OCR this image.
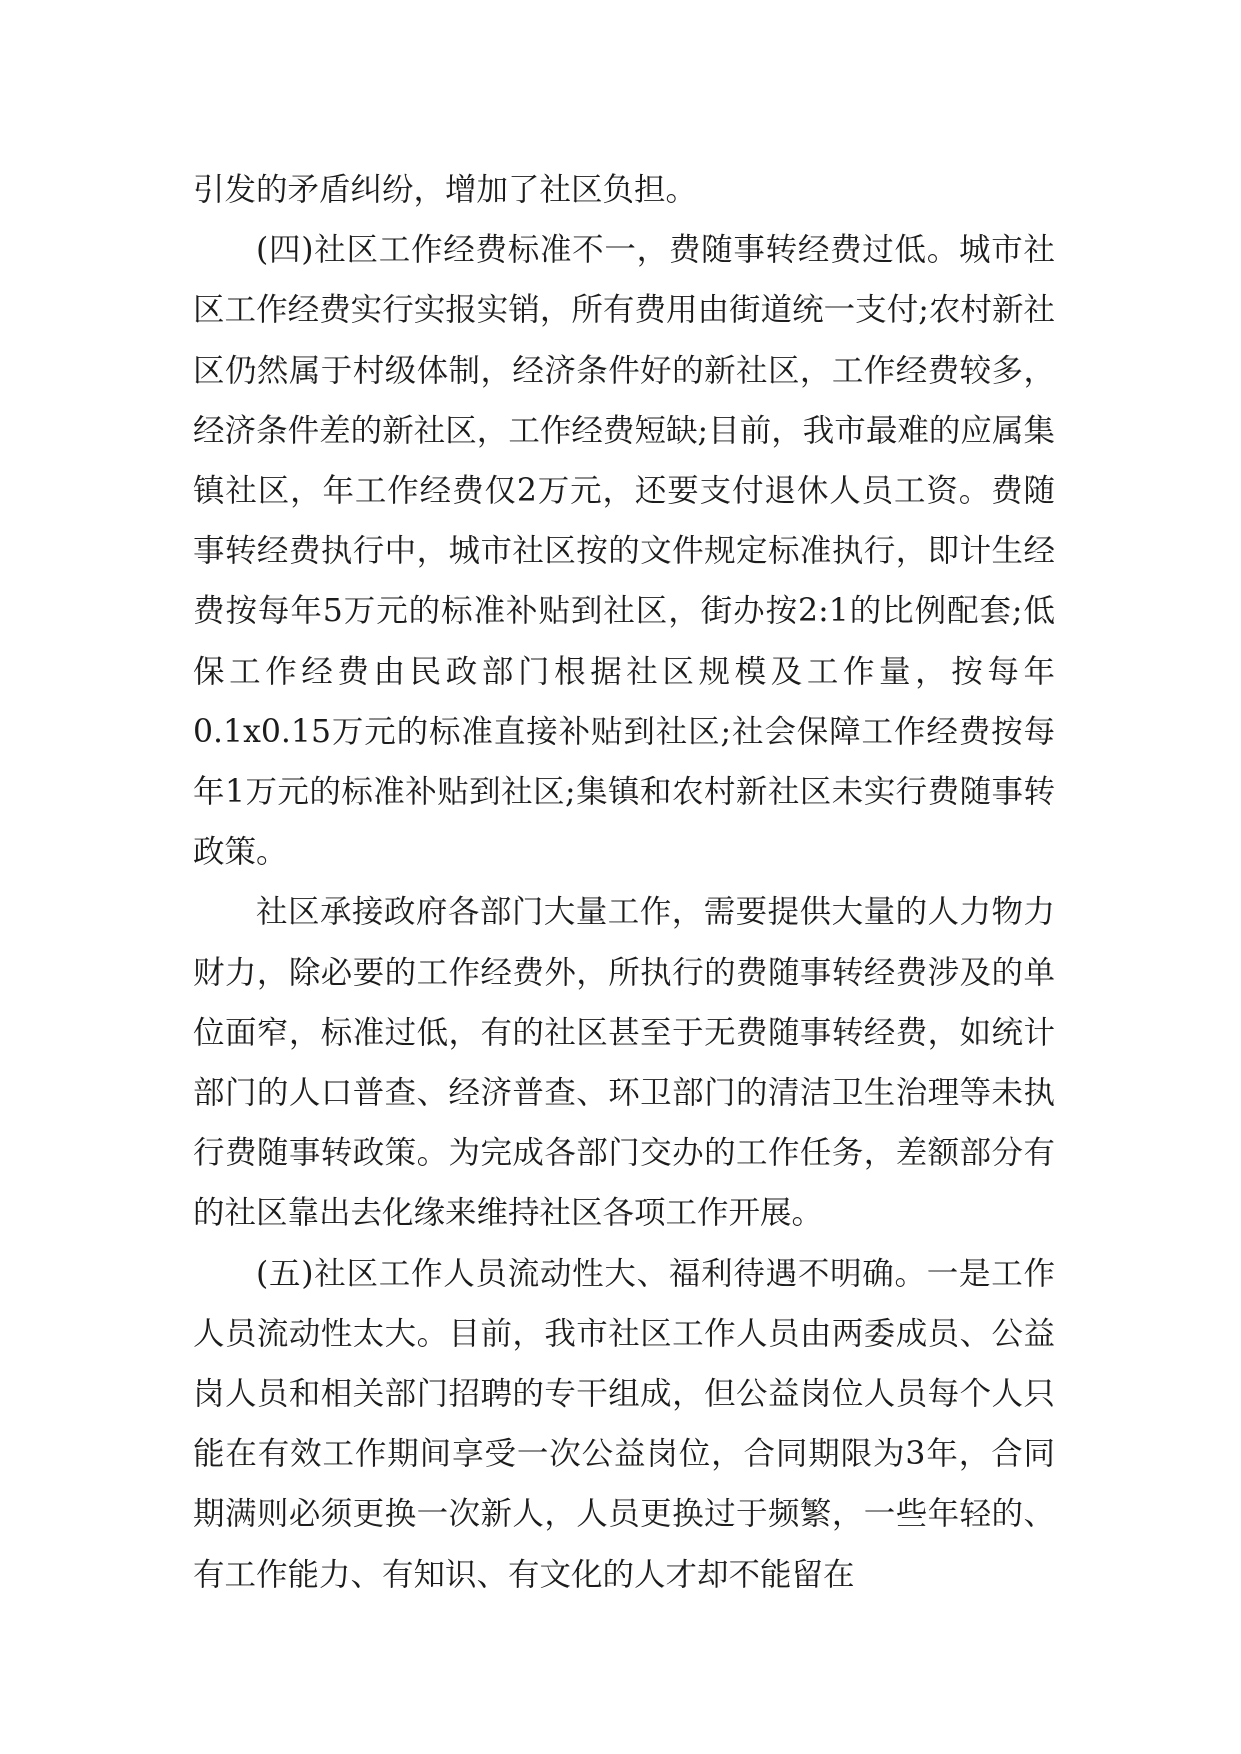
引发的矛盾纠纷，增加了社区负担。

(四)社区工作经费标准不一，费随事转经费过低。城市社区工作经费实行实报实销，所有费用由街道统一支付;农村新社区仍然属于村级体制，经济条件好的新社区，工作经费较多，经济条件差的新社区，工作经费短缺;目前，我市最难的应属集镇社区，年工作经费仅2万元，还要支付退休人员工资。费随事转经费执行中，城市社区按的文件规定标准执行，即计生经费按每年5万元的标准补贴到社区，街办按2:1的比例配套;低保工作经费由民政部门根据社区规模及工作量，按每年0.1x0.15万元的标准直接补贴到社区;社会保障工作经费按每年1万元的标准补贴到社区;集镇和农村新社区未实行费随事转政策。

社区承接政府各部门大量工作，需要提供大量的人力物力财力，除必要的工作经费外，所执行的费随事转经费涉及的单位面窄，标准过低，有的社区甚至于无费随事转经费，如统计部门的人口普查、经济普查、环卫部门的清洁卫生治理等未执行费随事转政策。为完成各部门交办的工作任务，差额部分有的社区靠出去化缘来维持社区各项工作开展。

(五)社区工作人员流动性大、福利待遇不明确。一是工作人员流动性太大。目前，我市社区工作人员由两委成员、公益岗人员和相关部门招聘的专干组成，但公益岗位人员每个人只能在有效工作期间享受一次公益岗位，合同期限为3年，合同期满则必须更换一次新人，人员更换过于频繁，一些年轻的、有工作能力、有知识、有文化的人才却不能留在
